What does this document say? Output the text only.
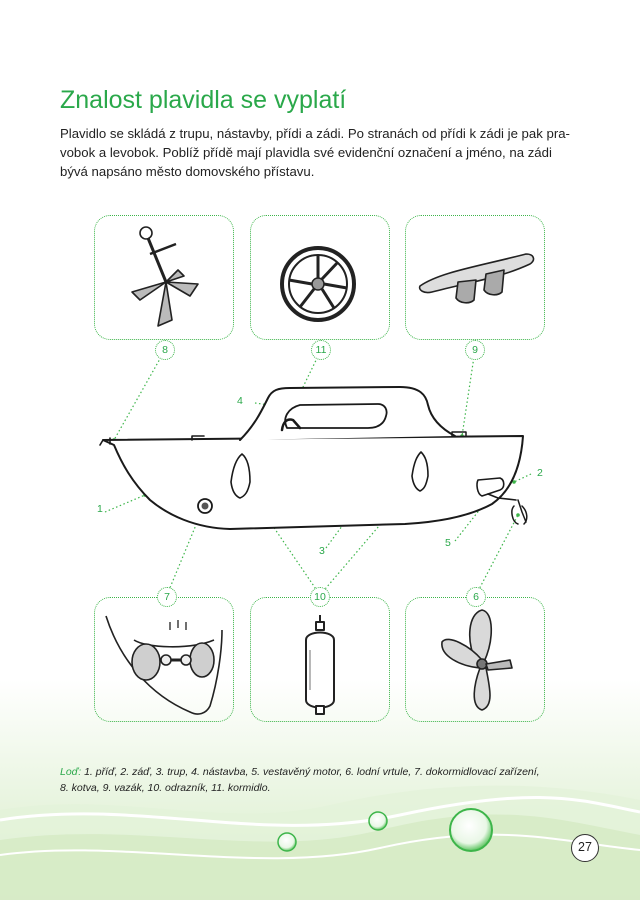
Znalost plavidla se vyplatí

Plavidlo se skládá z trupu, nástavby, přídi a zádi. Po stranách od přídi k zádi je pak pra-
vobok a levobok. Poblíž přídě mají plavidla své evidenční označení a jméno, na zádi
bývá napsáno město domovského přístavu.

8	11	9
7	10	6
1
2
3
4
5

Loď: 1. příď, 2. záď, 3. trup, 4. nástavba, 5. vestavěný motor, 6. lodní vrtule, 7. dokormidlovací zařízení,
8. kotva, 9. vazák, 10. odrazník, 11. kormidlo.

27
